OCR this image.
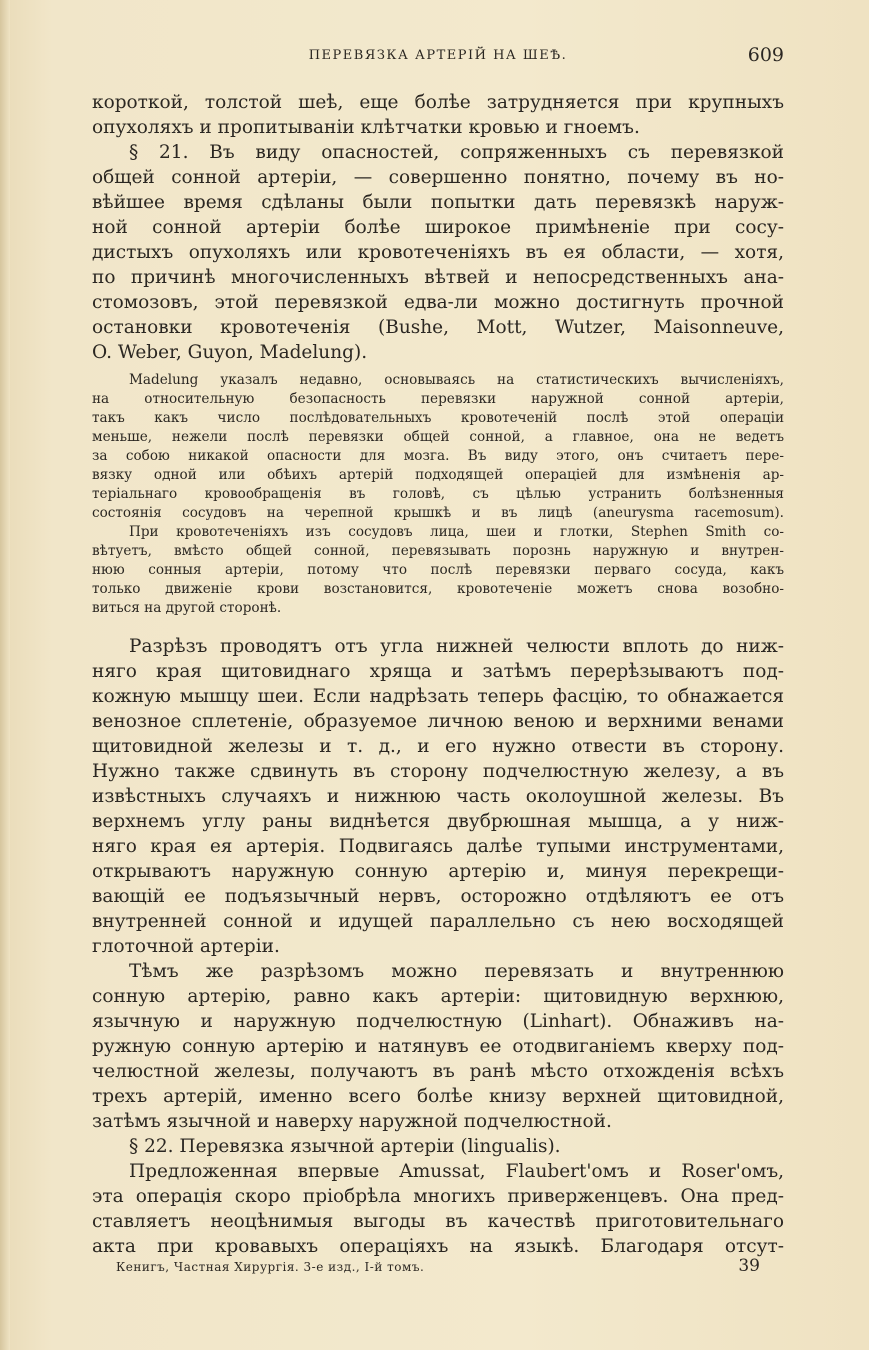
ПЕРЕВЯЗКА АРТЕРІЙ НА ШЕѢ.	609
короткой, толстой шеѣ, еще болѣе затрудняется при крупныхъ
опухоляхъ и пропитываніи клѣтчатки кровью и гноемъ.
§ 21. Въ виду опасностей, сопряженныхъ съ перевязкой
общей сонной артеріи, — совершенно понятно, почему въ но-
вѣйшее время сдѣланы были попытки дать перевязкѣ наруж-
ной сонной артеріи болѣе широкое примѣненіе при сосу-
дистыхъ опухоляхъ или кровотеченіяхъ въ ея области, — хотя,
по причинѣ многочисленныхъ вѣтвей и непосредственныхъ ана-
стомозовъ, этой перевязкой едва-ли можно достигнуть прочной
остановки кровотеченія (Bushe, Mott, Wutzer, Maisonneuve,
O. Weber, Guyon, Madelung).
Madelung указалъ недавно, основываясь на статистическихъ вычисленіяхъ,
на относительную безопасность перевязки наружной сонной артеріи,
такъ какъ число послѣдовательныхъ кровотеченій послѣ этой операціи
меньше, нежели послѣ перевязки общей сонной, а главное, она не ведетъ
за собою никакой опасности для мозга. Въ виду этого, онъ считаетъ пере-
вязку одной или обѣихъ артерій подходящей операціей для измѣненія ар-
теріальнаго кровообращенія въ головѣ, съ цѣлью устранить болѣзненныя
состоянія сосудовъ на черепной крышкѣ и въ лицѣ (aneurysma racemosum).
При кровотеченіяхъ изъ сосудовъ лица, шеи и глотки, Stephen Smith со-
вѣтуетъ, вмѣсто общей сонной, перевязывать порознь наружную и внутрен-
нюю сонныя артеріи, потому что послѣ перевязки перваго сосуда, какъ
только движеніе крови возстановится, кровотеченіе можетъ снова возобно-
виться на другой сторонѣ.
Разрѣзъ проводятъ отъ угла нижней челюсти вплоть до ниж-
няго края щитовиднаго хряща и затѣмъ перерѣзываютъ под-
кожную мышцу шеи. Если надрѣзать теперь фасцію, то обнажается
венозное сплетеніе, образуемое личною веною и верхними венами
щитовидной железы и т. д., и его нужно отвести въ сторону.
Нужно также сдвинуть въ сторону подчелюстную железу, а въ
извѣстныхъ случаяхъ и нижнюю часть околоушной железы. Въ
верхнемъ углу раны виднѣется двубрюшная мышца, а у ниж-
няго края ея артерія. Подвигаясь далѣе тупыми инструментами,
открываютъ наружную сонную артерію и, минуя перекрещи-
вающій ее подъязычный нервъ, осторожно отдѣляютъ ее отъ
внутренней сонной и идущей параллельно съ нею восходящей
глоточной артеріи.
Тѣмъ же разрѣзомъ можно перевязать и внутреннюю
сонную артерію, равно какъ артеріи: щитовидную верхнюю,
язычную и наружную подчелюстную (Linhart). Обнаживъ на-
ружную сонную артерію и натянувъ ее отодвиганіемъ кверху под-
челюстной железы, получаютъ въ ранѣ мѣсто отхожденія всѣхъ
трехъ артерій, именно всего болѣе книзу верхней щитовидной,
затѣмъ язычной и наверху наружной подчелюстной.
§ 22. Перевязка язычной артеріи (lingualis).
Предложенная впервые Amussat, Flaubert'омъ и Roser'омъ,
эта операція скоро пріобрѣла многихъ приверженцевъ. Она пред-
ставляетъ неоцѣнимыя выгоды въ качествѣ приготовительнаго
акта при кровавыхъ операціяхъ на языкѣ. Благодаря отсут-
Кенигъ, Частная Хирургія. 3-е изд., I-й томъ.	39
